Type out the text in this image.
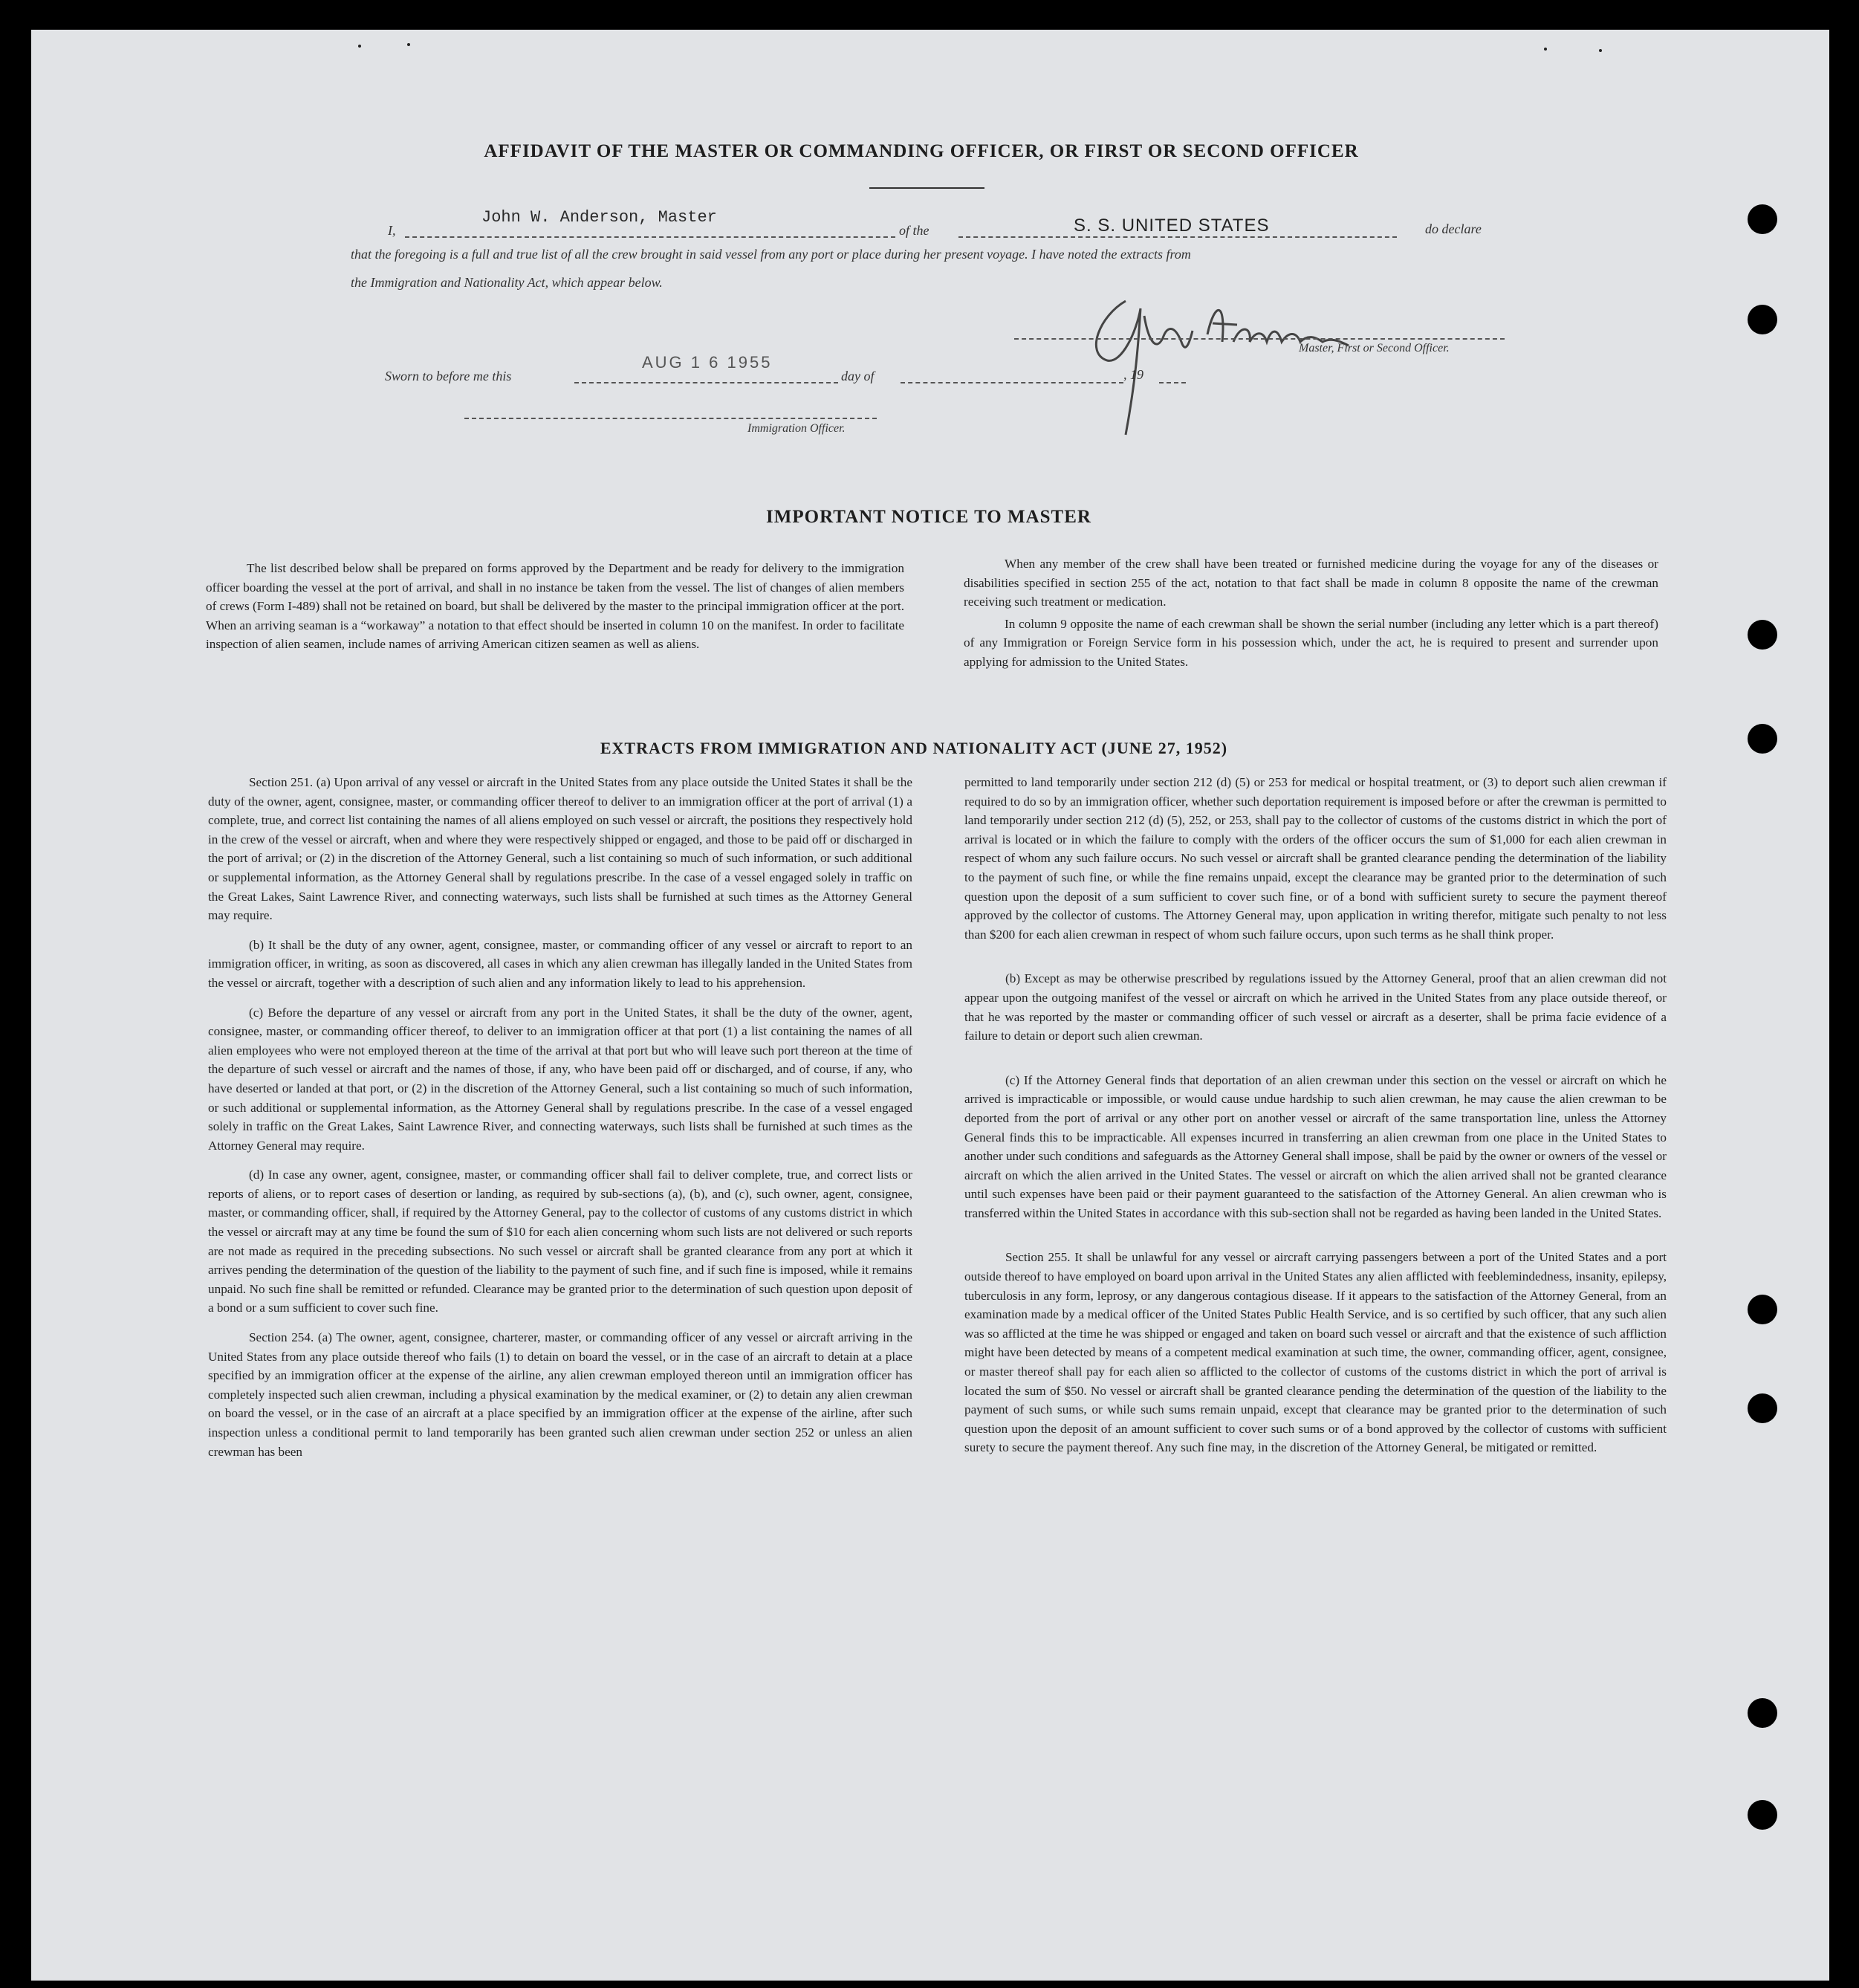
AFFIDAVIT OF THE MASTER OR COMMANDING OFFICER, OR FIRST OR SECOND OFFICER
I,
John W. Anderson, Master
of the	S. S. UNITED STATES	do declare
that the foregoing is a full and true list of all the crew brought in said vessel from any port or place during her present voyage. I have noted the extracts from
the Immigration and Nationality Act, which appear below.
Master, First or Second Officer.
Sworn to before me this
AUG 1 6 1955
day of	, 19
Immigration Officer.
IMPORTANT NOTICE TO MASTER

The list described below shall be prepared on forms approved by the Department and be ready for delivery to the immigration officer boarding the vessel at the port of arrival, and shall in no instance be taken from the vessel. The list of changes of alien members of crews (Form I-489) shall not be retained on board, but shall be delivered by the master to the principal immigration officer at the port. When an arriving seaman is a “workaway” a notation to that effect should be inserted in column 10 on the manifest. In order to facilitate inspection of alien seamen, include names of arriving American citizen seamen as well as aliens.

When any member of the crew shall have been treated or furnished medicine during the voyage for any of the diseases or disabilities specified in section 255 of the act, notation to that fact shall be made in column 8 opposite the name of the crewman receiving such treatment or medication.

In column 9 opposite the name of each crewman shall be shown the serial number (including any letter which is a part thereof) of any Immigration or Foreign Service form in his possession which, under the act, he is required to present and surrender upon applying for admission to the United States.

EXTRACTS FROM IMMIGRATION AND NATIONALITY ACT (JUNE 27, 1952)

Section 251. (a) Upon arrival of any vessel or aircraft in the United States from any place outside the United States it shall be the duty of the owner, agent, consignee, master, or commanding officer thereof to deliver to an immigration officer at the port of arrival (1) a complete, true, and correct list containing the names of all aliens employed on such vessel or aircraft, the positions they respectively hold in the crew of the vessel or aircraft, when and where they were respectively shipped or engaged, and those to be paid off or discharged in the port of arrival; or (2) in the discretion of the Attorney General, such a list containing so much of such information, or such additional or supplemental information, as the Attorney General shall by regulations prescribe. In the case of a vessel engaged solely in traffic on the Great Lakes, Saint Lawrence River, and connecting waterways, such lists shall be furnished at such times as the Attorney General may require.

(b) It shall be the duty of any owner, agent, consignee, master, or commanding officer of any vessel or aircraft to report to an immigration officer, in writing, as soon as discovered, all cases in which any alien crewman has illegally landed in the United States from the vessel or aircraft, together with a description of such alien and any information likely to lead to his apprehension.

(c) Before the departure of any vessel or aircraft from any port in the United States, it shall be the duty of the owner, agent, consignee, master, or commanding officer thereof, to deliver to an immigration officer at that port (1) a list containing the names of all alien employees who were not employed thereon at the time of the arrival at that port but who will leave such port thereon at the time of the departure of such vessel or aircraft and the names of those, if any, who have been paid off or discharged, and of course, if any, who have deserted or landed at that port, or (2) in the discretion of the Attorney General, such a list containing so much of such information, or such additional or supplemental information, as the Attorney General shall by regulations prescribe. In the case of a vessel engaged solely in traffic on the Great Lakes, Saint Lawrence River, and connecting waterways, such lists shall be furnished at such times as the Attorney General may require.

(d) In case any owner, agent, consignee, master, or commanding officer shall fail to deliver complete, true, and correct lists or reports of aliens, or to report cases of desertion or landing, as required by sub-sections (a), (b), and (c), such owner, agent, consignee, master, or commanding officer, shall, if required by the Attorney General, pay to the collector of customs of any customs district in which the vessel or aircraft may at any time be found the sum of $10 for each alien concerning whom such lists are not delivered or such reports are not made as required in the preceding subsections. No such vessel or aircraft shall be granted clearance from any port at which it arrives pending the determination of the question of the liability to the payment of such fine, and if such fine is imposed, while it remains unpaid. No such fine shall be remitted or refunded. Clearance may be granted prior to the determination of such question upon deposit of a bond or a sum sufficient to cover such fine.

Section 254. (a) The owner, agent, consignee, charterer, master, or commanding officer of any vessel or aircraft arriving in the United States from any place outside thereof who fails (1) to detain on board the vessel, or in the case of an aircraft to detain at a place specified by an immigration officer at the expense of the airline, any alien crewman employed thereon until an immigration officer has completely inspected such alien crewman, including a physical examination by the medical examiner, or (2) to detain any alien crewman on board the vessel, or in the case of an aircraft at a place specified by an immigration officer at the expense of the airline, after such inspection unless a conditional permit to land temporarily has been granted such alien crewman under section 252 or unless an alien crewman has been

permitted to land temporarily under section 212 (d) (5) or 253 for medical or hospital treatment, or (3) to deport such alien crewman if required to do so by an immigration officer, whether such deportation requirement is imposed before or after the crewman is permitted to land temporarily under section 212 (d) (5), 252, or 253, shall pay to the collector of customs of the customs district in which the port of arrival is located or in which the failure to comply with the orders of the officer occurs the sum of $1,000 for each alien crewman in respect of whom any such failure occurs. No such vessel or aircraft shall be granted clearance pending the determination of the liability to the payment of such fine, or while the fine remains unpaid, except the clearance may be granted prior to the determination of such question upon the deposit of a sum sufficient to cover such fine, or of a bond with sufficient surety to secure the payment thereof approved by the collector of customs. The Attorney General may, upon application in writing therefor, mitigate such penalty to not less than $200 for each alien crewman in respect of whom such failure occurs, upon such terms as he shall think proper.

(b) Except as may be otherwise prescribed by regulations issued by the Attorney General, proof that an alien crewman did not appear upon the outgoing manifest of the vessel or aircraft on which he arrived in the United States from any place outside thereof, or that he was reported by the master or commanding officer of such vessel or aircraft as a deserter, shall be prima facie evidence of a failure to detain or deport such alien crewman.

(c) If the Attorney General finds that deportation of an alien crewman under this section on the vessel or aircraft on which he arrived is impracticable or impossible, or would cause undue hardship to such alien crewman, he may cause the alien crewman to be deported from the port of arrival or any other port on another vessel or aircraft of the same transportation line, unless the Attorney General finds this to be impracticable. All expenses incurred in transferring an alien crewman from one place in the United States to another under such conditions and safeguards as the Attorney General shall impose, shall be paid by the owner or owners of the vessel or aircraft on which the alien arrived in the United States. The vessel or aircraft on which the alien arrived shall not be granted clearance until such expenses have been paid or their payment guaranteed to the satisfaction of the Attorney General. An alien crewman who is transferred within the United States in accordance with this sub-section shall not be regarded as having been landed in the United States.

Section 255. It shall be unlawful for any vessel or aircraft carrying passengers between a port of the United States and a port outside thereof to have employed on board upon arrival in the United States any alien afflicted with feeblemindedness, insanity, epilepsy, tuberculosis in any form, leprosy, or any dangerous contagious disease. If it appears to the satisfaction of the Attorney General, from an examination made by a medical officer of the United States Public Health Service, and is so certified by such officer, that any such alien was so afflicted at the time he was shipped or engaged and taken on board such vessel or aircraft and that the existence of such affliction might have been detected by means of a competent medical examination at such time, the owner, commanding officer, agent, consignee, or master thereof shall pay for each alien so afflicted to the collector of customs of the customs district in which the port of arrival is located the sum of $50. No vessel or aircraft shall be granted clearance pending the determination of the question of the liability to the payment of such sums, or while such sums remain unpaid, except that clearance may be granted prior to the determination of such question upon the deposit of an amount sufficient to cover such sums or of a bond approved by the collector of customs with sufficient surety to secure the payment thereof. Any such fine may, in the discretion of the Attorney General, be mitigated or remitted.
